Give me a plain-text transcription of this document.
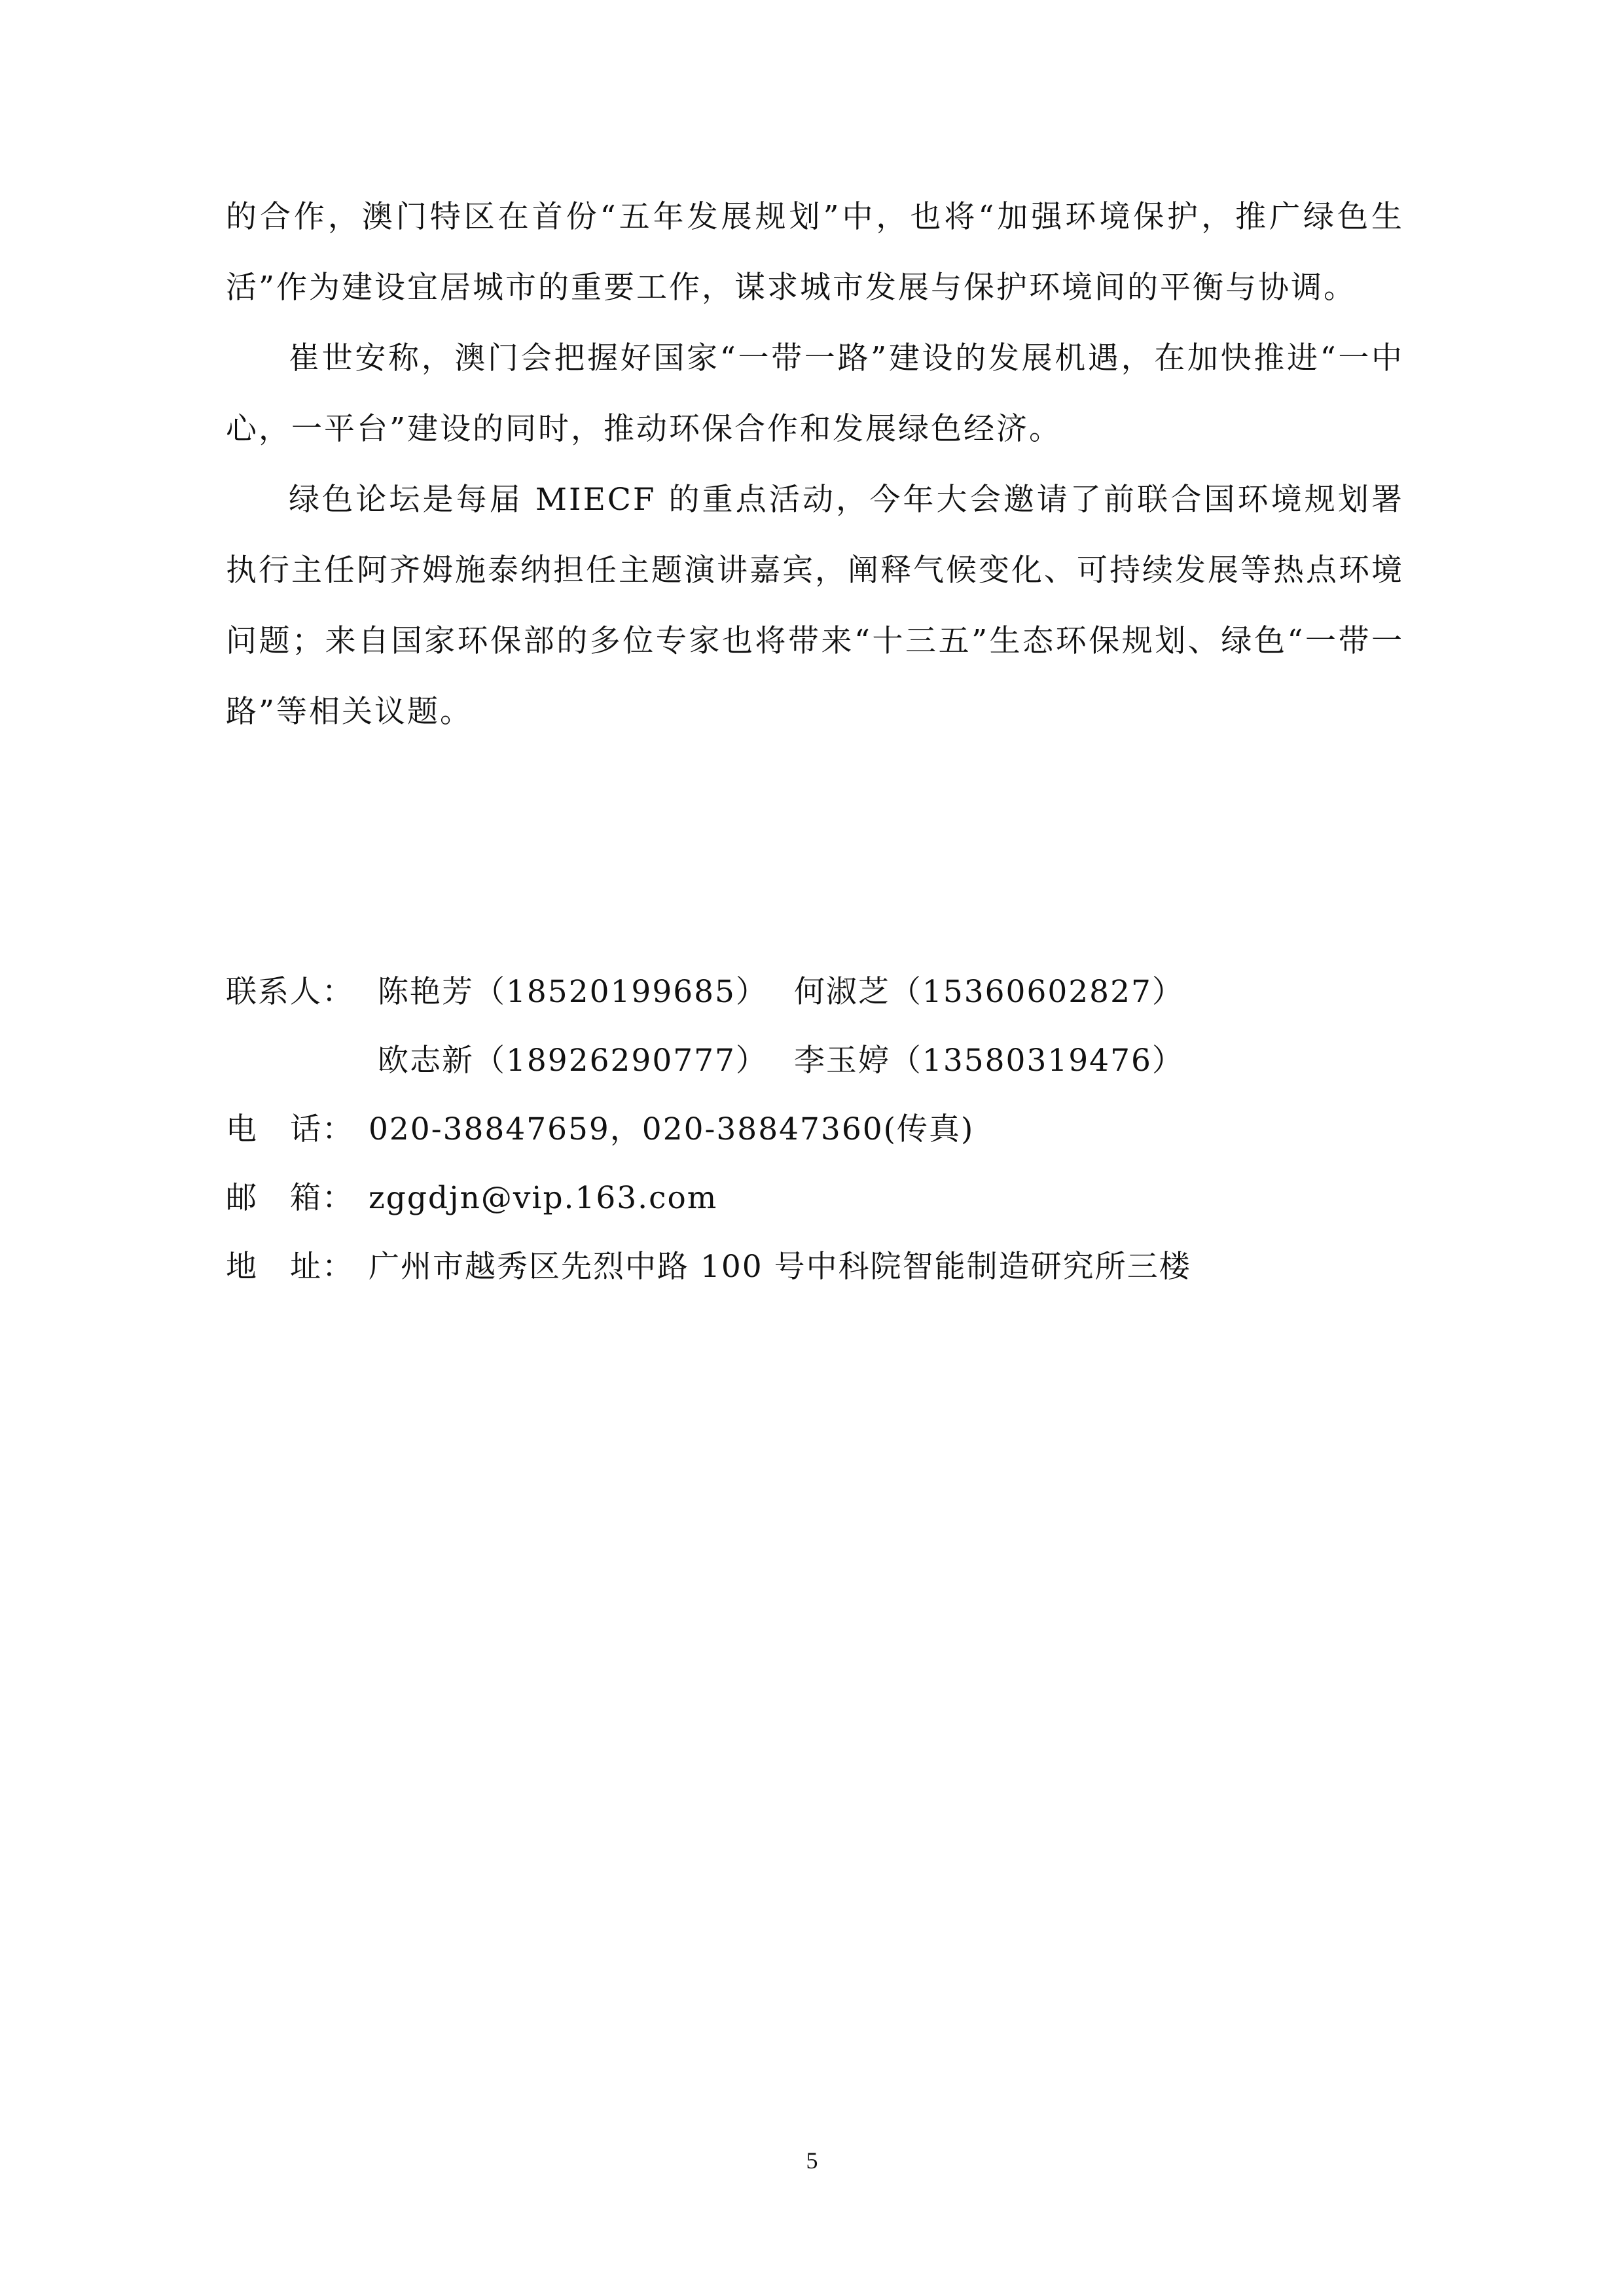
的合作，澳门特区在首份“五年发展规划”中，也将“加强环境保护，推广绿色生活”作为建设宜居城市的重要工作，谋求城市发展与保护环境间的平衡与协调。

崔世安称，澳门会把握好国家“一带一路”建设的发展机遇，在加快推进“一中心，一平台”建设的同时，推动环保合作和发展绿色经济。

绿色论坛是每届 MIECF 的重点活动，今年大会邀请了前联合国环境规划署执行主任阿齐姆施泰纳担任主题演讲嘉宾，阐释气候变化、可持续发展等热点环境问题；来自国家环保部的多位专家也将带来“十三五”生态环保规划、绿色“一带一路”等相关议题。

联系人： 陈艳芳（18520199685） 何淑芝（15360602827）
欧志新（18926290777） 李玉婷（13580319476）
电　话： 020-38847659，020-38847360(传真)
邮　箱： zggdjn@vip.163.com
地　址： 广州市越秀区先烈中路 100 号中科院智能制造研究所三楼
5
